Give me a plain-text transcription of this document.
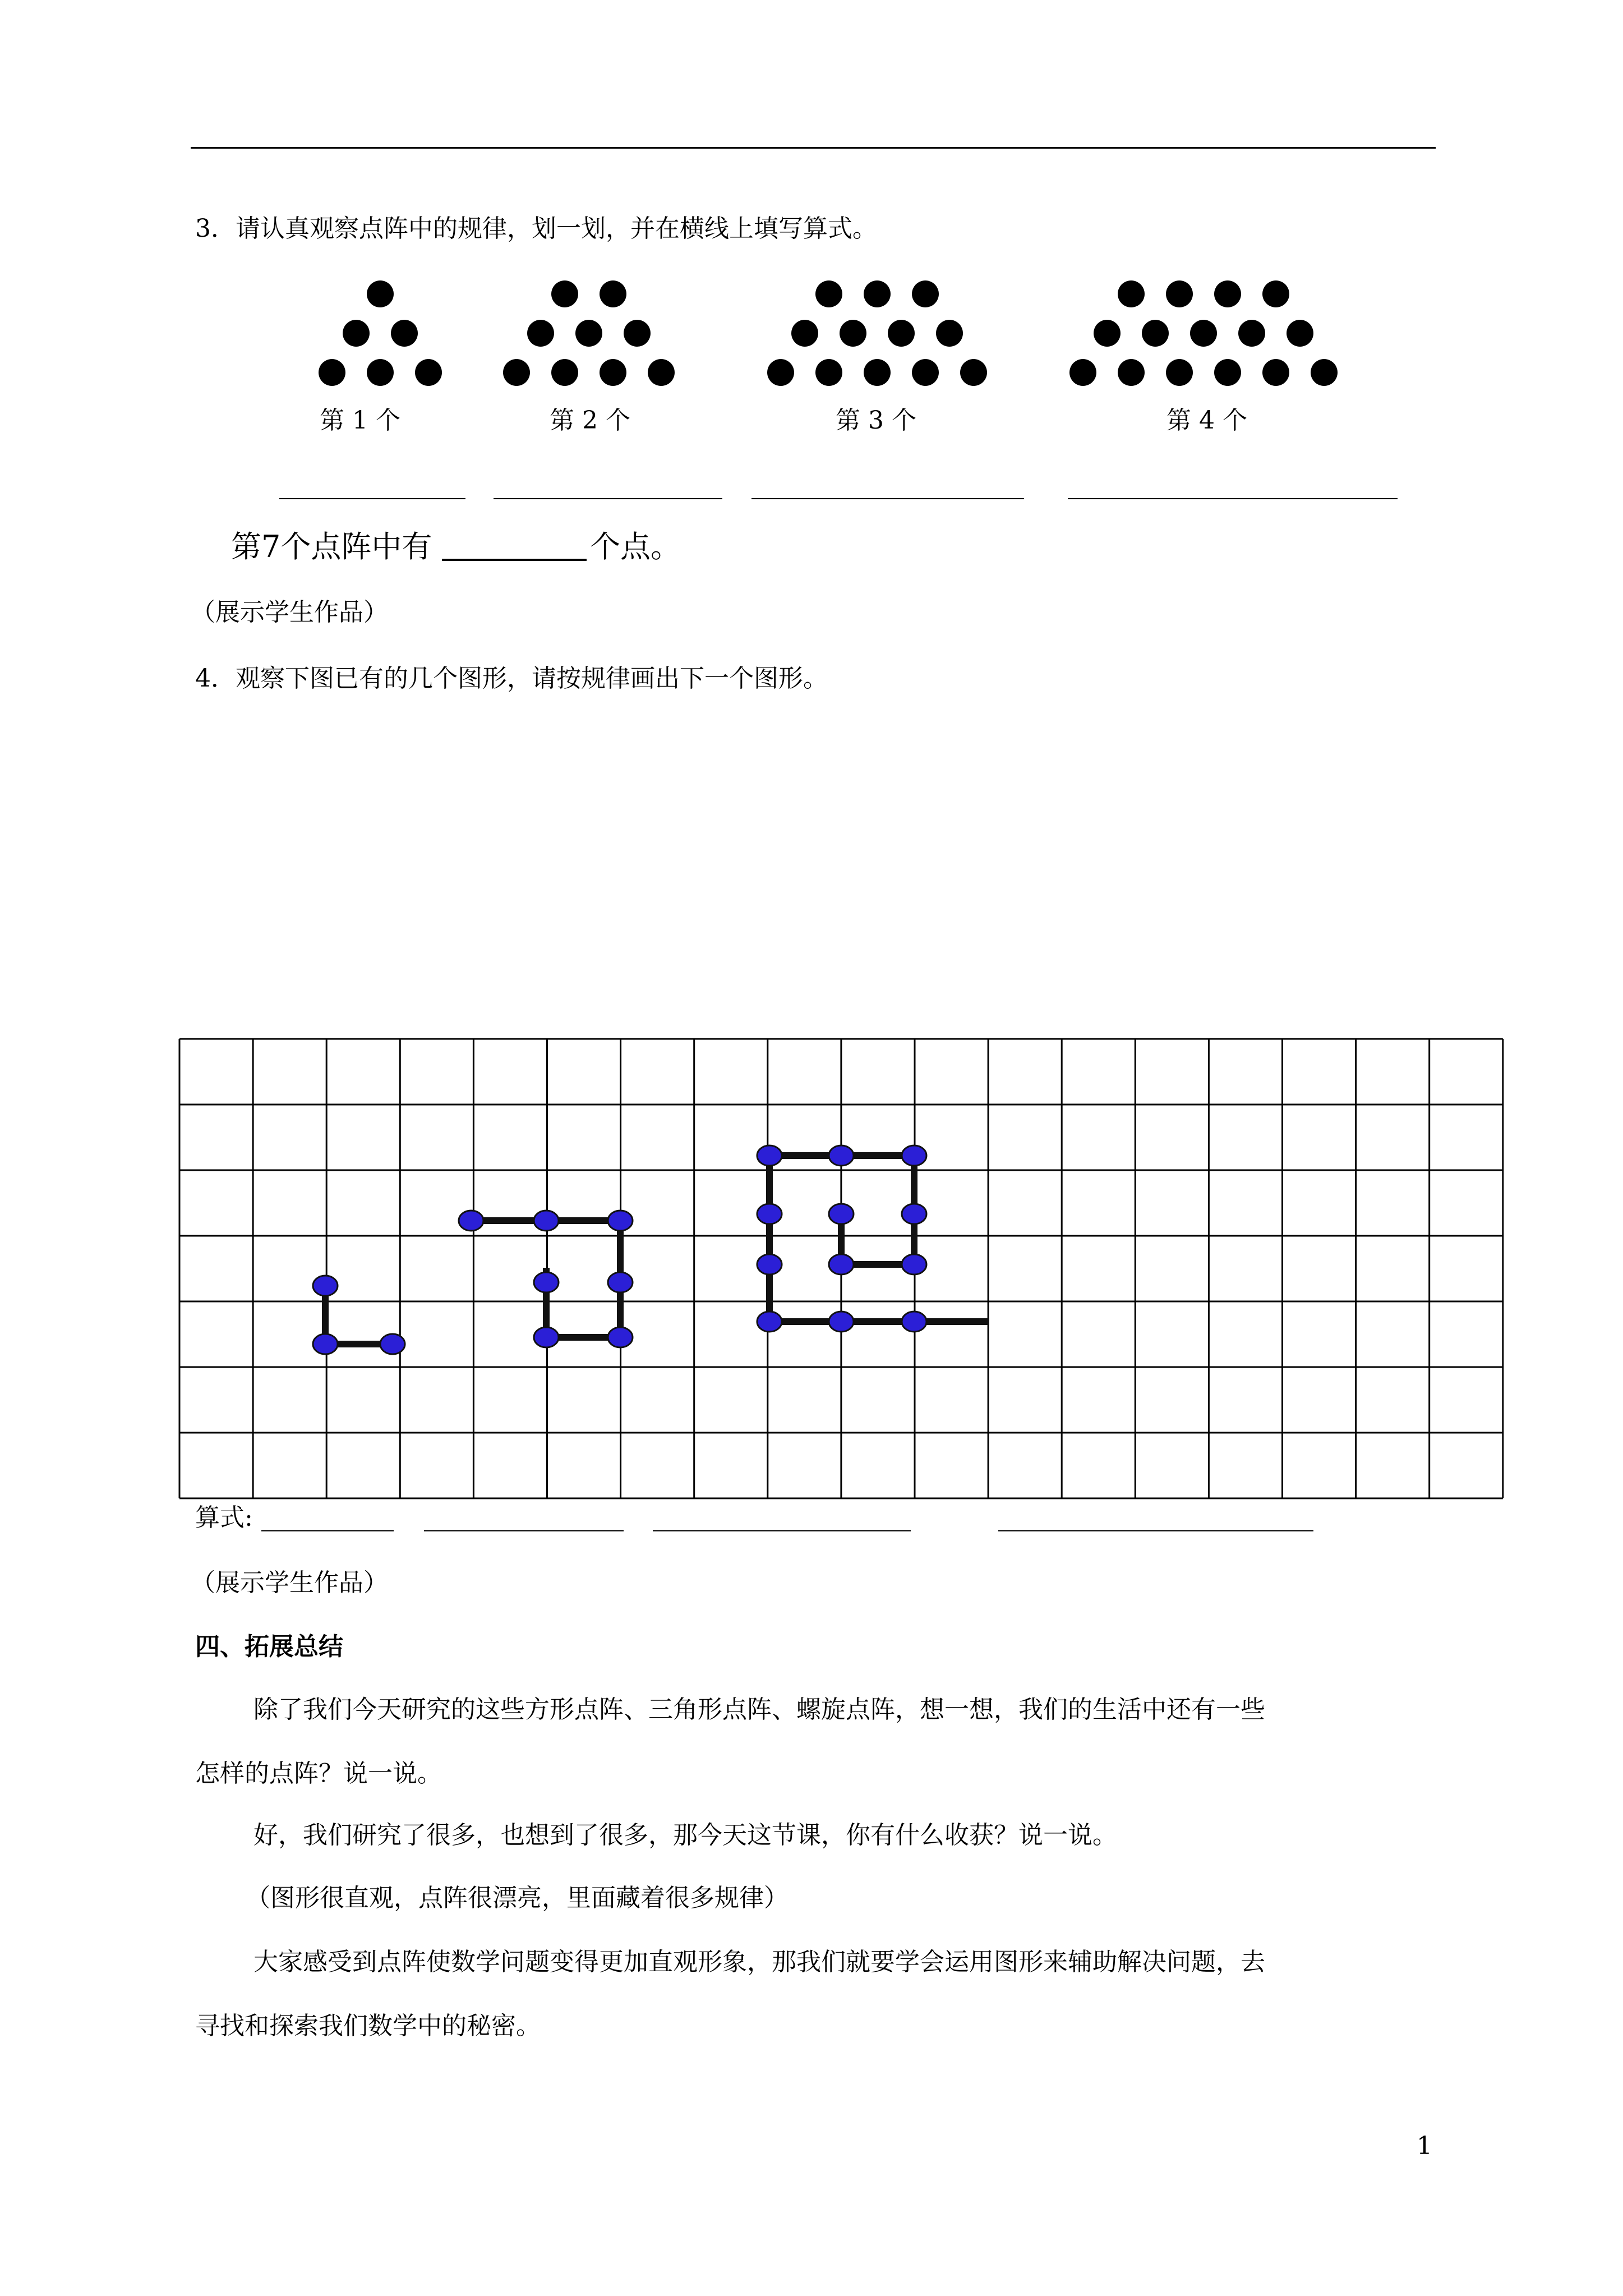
3．请认真观察点阵中的规律，划一划，并在横线上填写算式。
第 1 个	第 2 个	第 3 个	第 4 个
第7个点阵中有	个点。
（展示学生作品）
4．观察下图已有的几个图形，请按规律画出下一个图形。
算式:
（展示学生作品）
四、拓展总结
除了我们今天研究的这些方形点阵、三角形点阵、螺旋点阵，想一想，我们的生活中还有一些
怎样的点阵？说一说。
好，我们研究了很多，也想到了很多，那今天这节课，你有什么收获？说一说。
（图形很直观，点阵很漂亮，里面藏着很多规律）
大家感受到点阵使数学问题变得更加直观形象，那我们就要学会运用图形来辅助解决问题，去
寻找和探索我们数学中的秘密。
1
